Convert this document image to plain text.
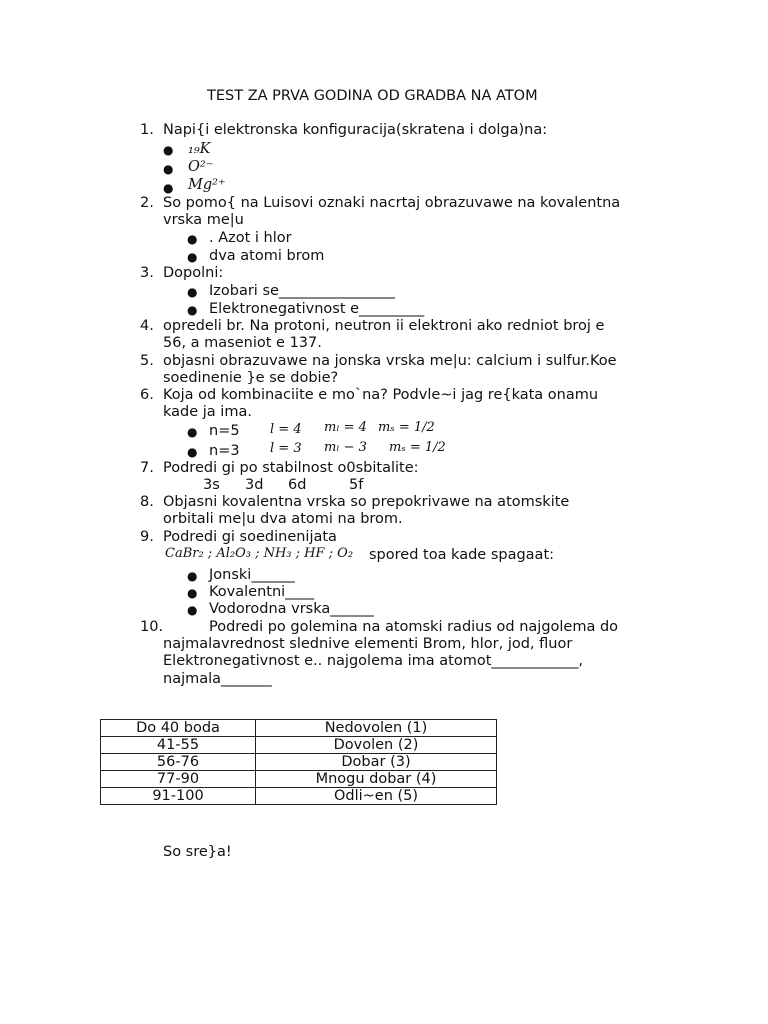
TEST ZA PRVA GODINA OD GRADBA NA ATOM
1. Napi{i elektronska konfiguracija(skratena i dolga)na:
● ₁₉K
● O²⁻
● Mg²⁺
2. So pomo{ na Luisovi oznaki nacrtaj obrazuvawe na kovalentna
vrska me|u
● . Azot i hlor
● dva atomi brom
3. Dopolni:
● Izobari se________________
● Elektronegativnost e_________
4. opredeli br. Na protoni, neutron ii elektroni ako redniot broj e
56, a maseniot e 137.
5. objasni obrazuvawe na jonska vrska me|u: calcium i sulfur.Koe
soedinenie }e se dobie?
6. Koja od kombinaciite e mo`na? Podvle~i jag re{kata onamu
kade ja ima.
● n=5 l = 4 mₗ = 4 mₛ = 1/2
● n=3 l = 3 mₗ − 3 mₛ = 1/2
7. Podredi gi po stabilnost o0sbitalite:
3s 3d 6d	5f
8. Objasni kovalentna vrska so prepokrivawe na atomskite
orbitali me|u dva atomi na brom.
9. Podredi gi soedinenijata
CaBr₂ ; Al₂O₃ ; NH₃ ; HF ; O₂ spored toa kade spagaat:
● Jonski______
● Kovalentni____
● Vodorodna vrska______
10.	Podredi po golemina na atomski radius od najgolema do
najmalavrednost slednive elementi Brom, hlor, jod, fluor
Elektronegativnost e.. najgolema ima atomot____________,
najmala_______
Do 40 boda	Nedovolen (1)
41-55	Dovolen (2)
56-76	Dobar (3)
77-90	Mnogu dobar (4)
91-100	Odli~en (5)
So sre}a!
